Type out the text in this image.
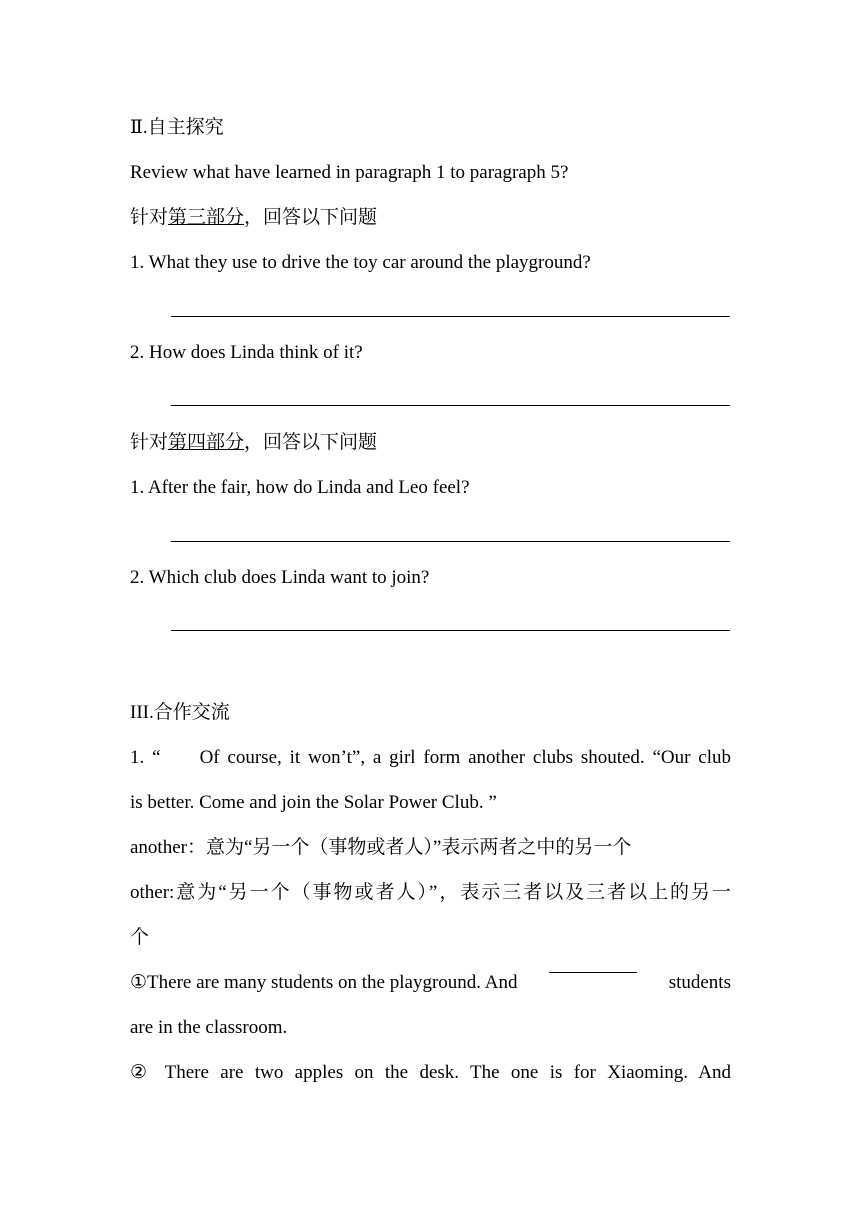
Ⅱ.自主探究
Review what have learned in paragraph 1 to paragraph 5?
针对第三部分，回答以下问题
1. What they use to drive the toy car around the playground?
2. How does Linda think of it?
针对第四部分，回答以下问题
1. After the fair, how do Linda and Leo feel?
2. Which club does Linda want to join?
III.合作交流
1. “     Of course, it won’t”, a girl form another clubs shouted. “Our club
is better. Come and join the Solar Power Club. ”
another：意为“另一个（事物或者人）”表示两者之中的另一个
other:意为“另一个（事物或者人）”，表示三者以及三者以上的另一
个
①There are many students on the playground. And	students
are in the classroom.
② There are two apples on the desk. The one is for Xiaoming. And
